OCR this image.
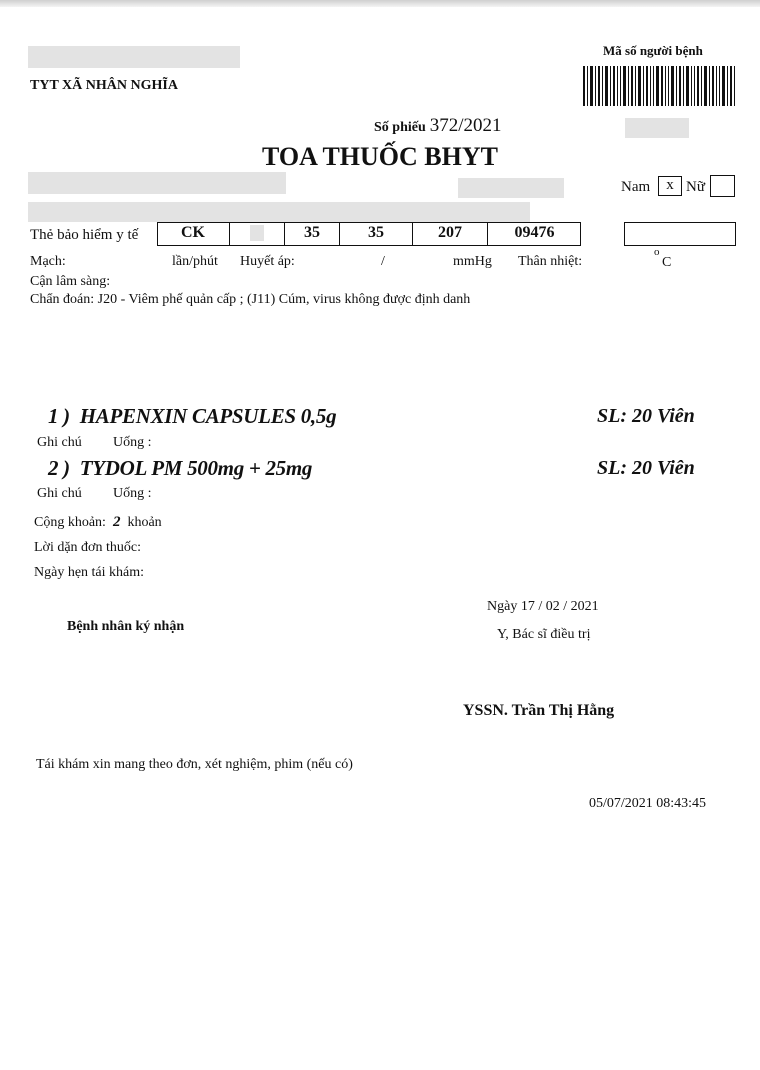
TYT XÃ NHÂN NGHĨA
Mã số người bệnh
Số phiếu 372/2021
TOA THUỐC BHYT
Nam	x Nữ
Thẻ bảo hiểm y tế	CK	35	35	207	09476
Mạch:	lần/phút Huyết áp:	/	mmHg Thân nhiệt:
o
C
Cận lâm sàng:
Chẩn đoán: J20 - Viêm phế quản cấp ; (J11) Cúm, virus không được định danh
1 ) HAPENXIN CAPSULES 0,5g	SL: 20 Viên
Ghi chú Uống :
2 ) TYDOL PM 500mg + 25mg	SL: 20 Viên
Ghi chú Uống :
Cộng khoản: 2 khoản
Lời dặn đơn thuốc:
Ngày hẹn tái khám:
Ngày 17 / 02 / 2021
Bệnh nhân ký nhận
Y, Bác sĩ điều trị
YSSN. Trần Thị Hằng
Tái khám xin mang theo đơn, xét nghiệm, phim (nếu có)
05/07/2021 08:43:45
